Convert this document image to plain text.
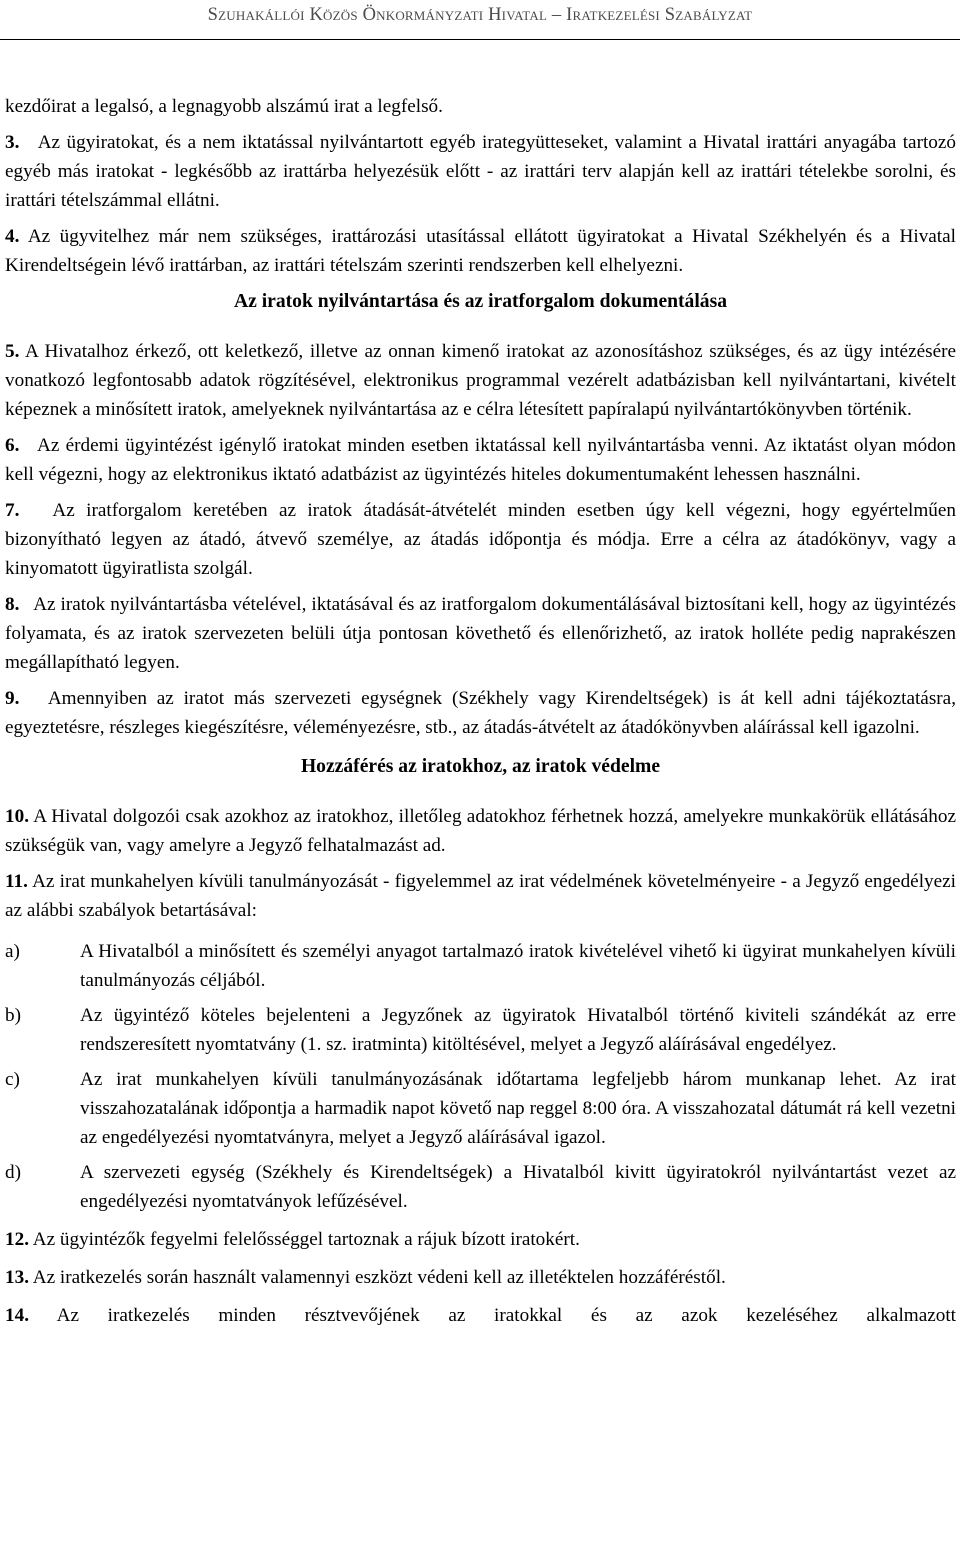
Szuhakállói Közös Önkormányzati Hivatal – Iratkezelési Szabályzat

kezdőirat a legalsó, a legnagyobb alszámú irat a legfelső.

3. Az ügyiratokat, és a nem iktatással nyilvántartott egyéb irategyütteseket, valamint a Hivatal irattári anyagába tartozó egyéb más iratokat - legkésőbb az irattárba helyezésük előtt - az irattári terv alapján kell az irattári tételekbe sorolni, és irattári tételszámmal ellátni.

4. Az ügyvitelhez már nem szükséges, irattározási utasítással ellátott ügyiratokat a Hivatal Székhelyén és a Hivatal Kirendeltségein lévő irattárban, az irattári tételszám szerinti rendszerben kell elhelyezni.

Az iratok nyilvántartása és az iratforgalom dokumentálása

5. A Hivatalhoz érkező, ott keletkező, illetve az onnan kimenő iratokat az azonosításhoz szükséges, és az ügy intézésére vonatkozó legfontosabb adatok rögzítésével, elektronikus programmal vezérelt adatbázisban kell nyilvántartani, kivételt képeznek a minősített iratok, amelyeknek nyilvántartása az e célra létesített papíralapú nyilvántartókönyvben történik.

6. Az érdemi ügyintézést igénylő iratokat minden esetben iktatással kell nyilvántartásba venni. Az iktatást olyan módon kell végezni, hogy az elektronikus iktató adatbázist az ügyintézés hiteles dokumentumaként lehessen használni.

7. Az iratforgalom keretében az iratok átadását-átvételét minden esetben úgy kell végezni, hogy egyértelműen bizonyítható legyen az átadó, átvevő személye, az átadás időpontja és módja. Erre a célra az átadókönyv, vagy a kinyomatott ügyiratlista szolgál.

8. Az iratok nyilvántartásba vételével, iktatásával és az iratforgalom dokumentálásával biztosítani kell, hogy az ügyintézés folyamata, és az iratok szervezeten belüli útja pontosan követhető és ellenőrizhető, az iratok holléte pedig naprakészen megállapítható legyen.

9. Amennyiben az iratot más szervezeti egységnek (Székhely vagy Kirendeltségek) is át kell adni tájékoztatásra, egyeztetésre, részleges kiegészítésre, véleményezésre, stb., az átadás-átvételt az átadókönyvben aláírással kell igazolni.

Hozzáférés az iratokhoz, az iratok védelme

10. A Hivatal dolgozói csak azokhoz az iratokhoz, illetőleg adatokhoz férhetnek hozzá, amelyekre munkakörük ellátásához szükségük van, vagy amelyre a Jegyző felhatalmazást ad.

11. Az irat munkahelyen kívüli tanulmányozását - figyelemmel az irat védelmének követelményeire - a Jegyző engedélyezi az alábbi szabályok betartásával:

a)	A Hivatalból a minősített és személyi anyagot tartalmazó iratok kivételével vihető ki ügyirat munkahelyen kívüli tanulmányozás céljából.
b)	Az ügyintéző köteles bejelenteni a Jegyzőnek az ügyiratok Hivatalból történő kiviteli szándékát az erre rendszeresített nyomtatvány (1. sz. iratminta) kitöltésével, melyet a Jegyző aláírásával engedélyez.
c)	Az irat munkahelyen kívüli tanulmányozásának időtartama legfeljebb három munkanap lehet. Az irat visszahozatalának időpontja a harmadik napot követő nap reggel 8:00 óra. A visszahozatal dátumát rá kell vezetni az engedélyezési nyomtatványra, melyet a Jegyző aláírásával igazol.
d)	A szervezeti egység (Székhely és Kirendeltségek) a Hivatalból kivitt ügyiratokról nyilvántartást vezet az engedélyezési nyomtatványok lefűzésével.

12. Az ügyintézők fegyelmi felelősséggel tartoznak a rájuk bízott iratokért.

13. Az iratkezelés során használt valamennyi eszközt védeni kell az illetéktelen hozzáféréstől.

14. Az iratkezelés minden résztvevőjének az iratokkal és az azok kezeléséhez alkalmazott
